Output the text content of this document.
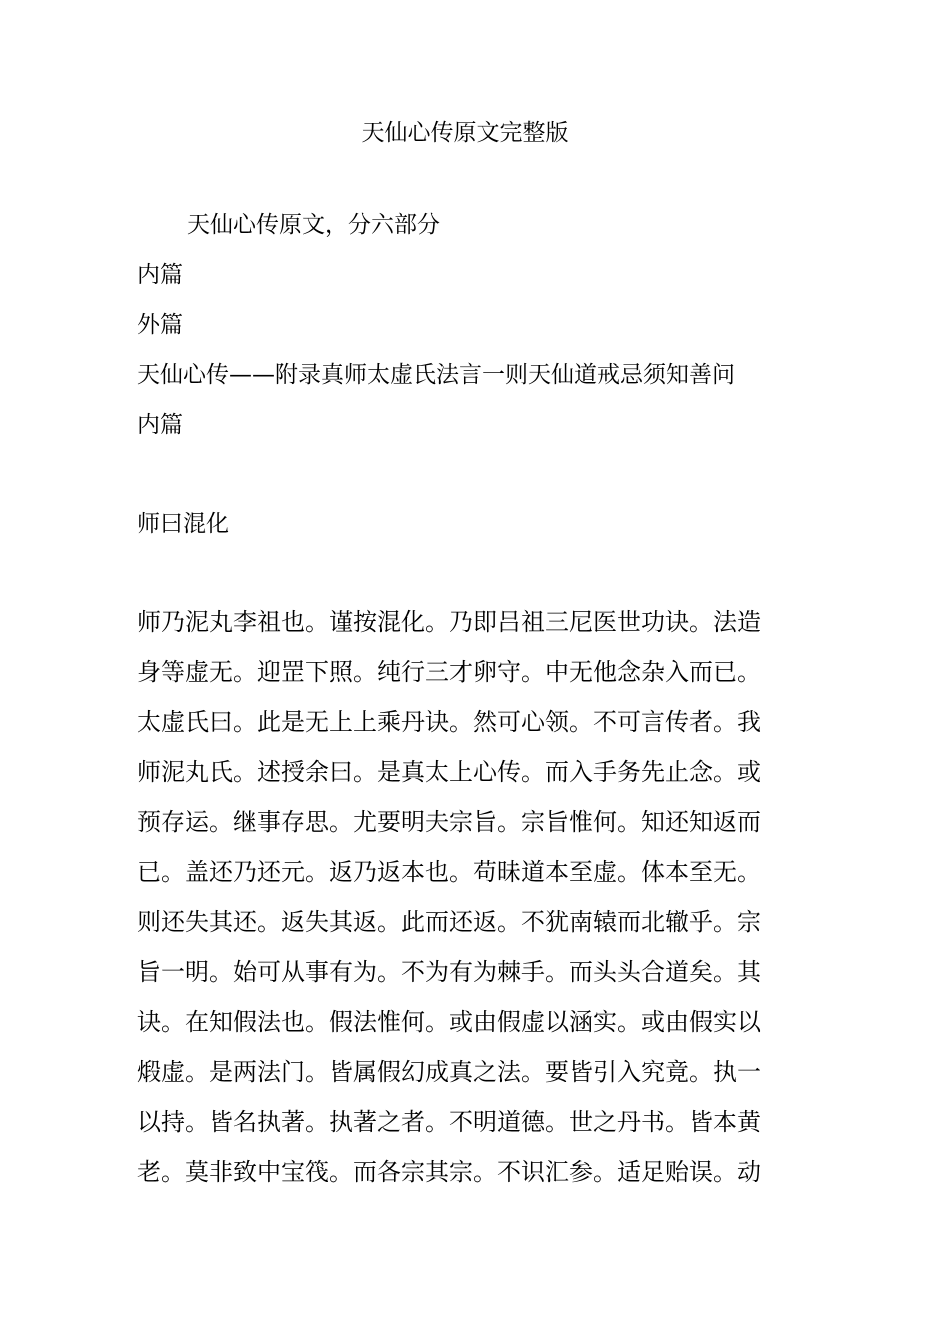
天仙心传原文完整版
天仙心传原文，分六部分
内篇
外篇
天仙心传——附录真师太虚氏法言一则天仙道戒忌须知善问
内篇
师曰混化
师乃泥丸李祖也。谨按混化。乃即吕祖三尼医世功诀。法造
身等虚无。迎罡下照。纯行三才卵守。中无他念杂入而已。
太虚氏曰。此是无上上乘丹诀。然可心领。不可言传者。我
师泥丸氏。述授余曰。是真太上心传。而入手务先止念。或
预存运。继事存思。尤要明夫宗旨。宗旨惟何。知还知返而
已。盖还乃还元。返乃返本也。苟昧道本至虚。体本至无。
则还失其还。返失其返。此而还返。不犹南辕而北辙乎。宗
旨一明。始可从事有为。不为有为棘手。而头头合道矣。其
诀。在知假法也。假法惟何。或由假虚以涵实。或由假实以
煅虚。是两法门。皆属假幻成真之法。要皆引入究竟。执一
以持。皆名执著。执著之者。不明道德。世之丹书。皆本黄
老。莫非致中宝筏。而各宗其宗。不识汇参。适足贻误。动
